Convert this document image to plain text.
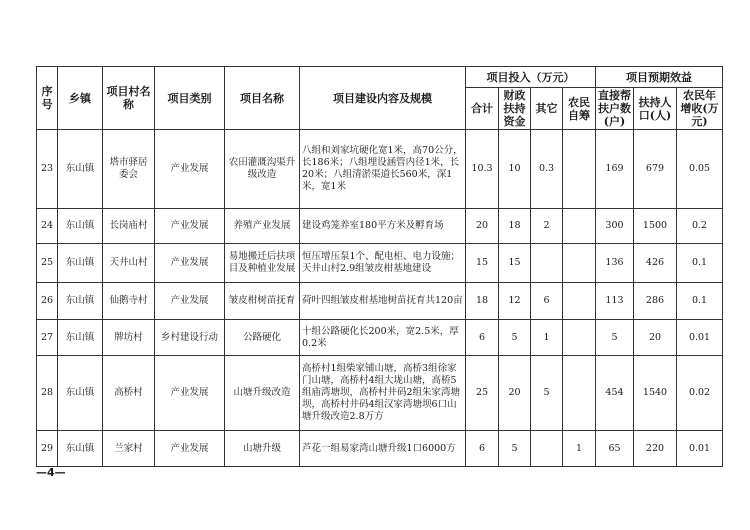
序号	乡镇	项目村名称	项目类别	项目名称	项目建设内容及规模	项目投入（万元）				项目预期效益		
						合计	财政扶持资金	其它	农民自筹	直接帮扶户数(户)	扶持人口(人)	农民年增收(万元)
23	东山镇	塔市驿居委会	产业发展	农田灌溉沟渠升级改造	八组和刘家坑硬化宽1米，高70公分，长186米；八组埋设涵管内径1米，长20米；八组清淤渠道长560米，深1米，宽1米	10.3	10	0.3		169	679	0.05
24	东山镇	长岗庙村	产业发展	养殖产业发展	建设鸡笼养室180平方米及孵育场	20	18	2		300	1500	0.2
25	东山镇	天井山村	产业发展	易地搬迁后扶项目及种植业发展	恒压增压泵1个、配电柜、电力设施；天井山村2.9组皱皮柑基地建设	15	15			136	426	0.1
26	东山镇	仙鹅寺村	产业发展	皱皮柑树苗抚育	荷叶四组皱皮柑基地树苗抚育共120亩	18	12	6		113	286	0.1
27	东山镇	牌坊村	乡村建设行动	公路硬化	十组公路硬化长200米，宽2.5米，厚0.2米	6	5	1		5	20	0.01
28	东山镇	高桥村	产业发展	山塘升级改造	高桥村1组柴家铺山塘，高桥3组徐家门山塘，高桥村4组大垅山塘，高桥5组庙湾塘坝，高桥村井码2组朱家湾塘坝，高桥村井码4组汉家湾塘坝6口山塘升级改造2.8万方	25	20	5		454	1540	0.02
29	东山镇	兰家村	产业发展	山塘升级	芦花一组易家湾山塘升级1口6000方	6	5		1	65	220	0.01
—4—
